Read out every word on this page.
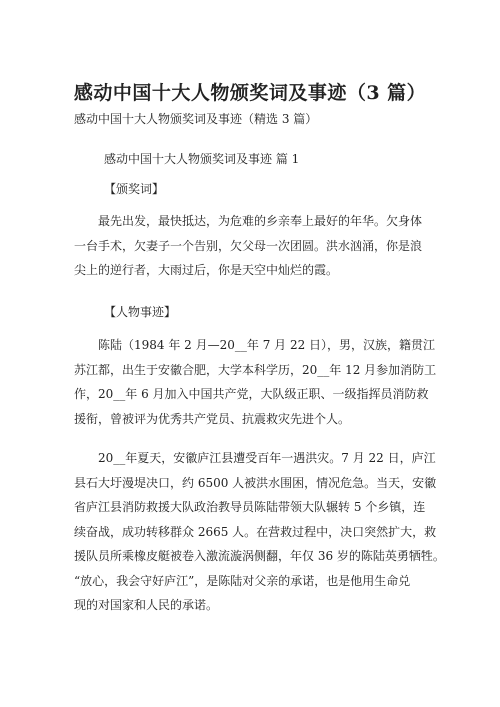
感动中国十大人物颁奖词及事迹（3 篇）
感动中国十大人物颁奖词及事迹（精选 3 篇）
感动中国十大人物颁奖词及事迹 篇 1
【颁奖词】
最先出发，最快抵达，为危难的乡亲奉上最好的年华。欠身体
一台手术，欠妻子一个告别，欠父母一次团圆。洪水汹涌，你是浪
尖上的逆行者，大雨过后，你是天空中灿烂的霞。
【人物事迹】
陈陆（1984 年 2 月—20__年 7 月 22 日），男，汉族，籍贯江
苏江都，出生于安徽合肥，大学本科学历，20__年 12 月参加消防工
作，20__年 6 月加入中国共产党，大队级正职、一级指挥员消防救
援衔，曾被评为优秀共产党员、抗震救灾先进个人。
20__年夏天，安徽庐江县遭受百年一遇洪灾。7 月 22 日，庐江
县石大圩漫堤决口，约 6500 人被洪水围困，情况危急。当天，安徽
省庐江县消防救援大队政治教导员陈陆带领大队辗转 5 个乡镇，连
续奋战，成功转移群众 2665 人。在营救过程中，决口突然扩大，救
援队员所乘橡皮艇被卷入激流漩涡侧翻，年仅 36 岁的陈陆英勇牺牲。
“放心，我会守好庐江”，是陈陆对父亲的承诺，也是他用生命兑
现的对国家和人民的承诺。
